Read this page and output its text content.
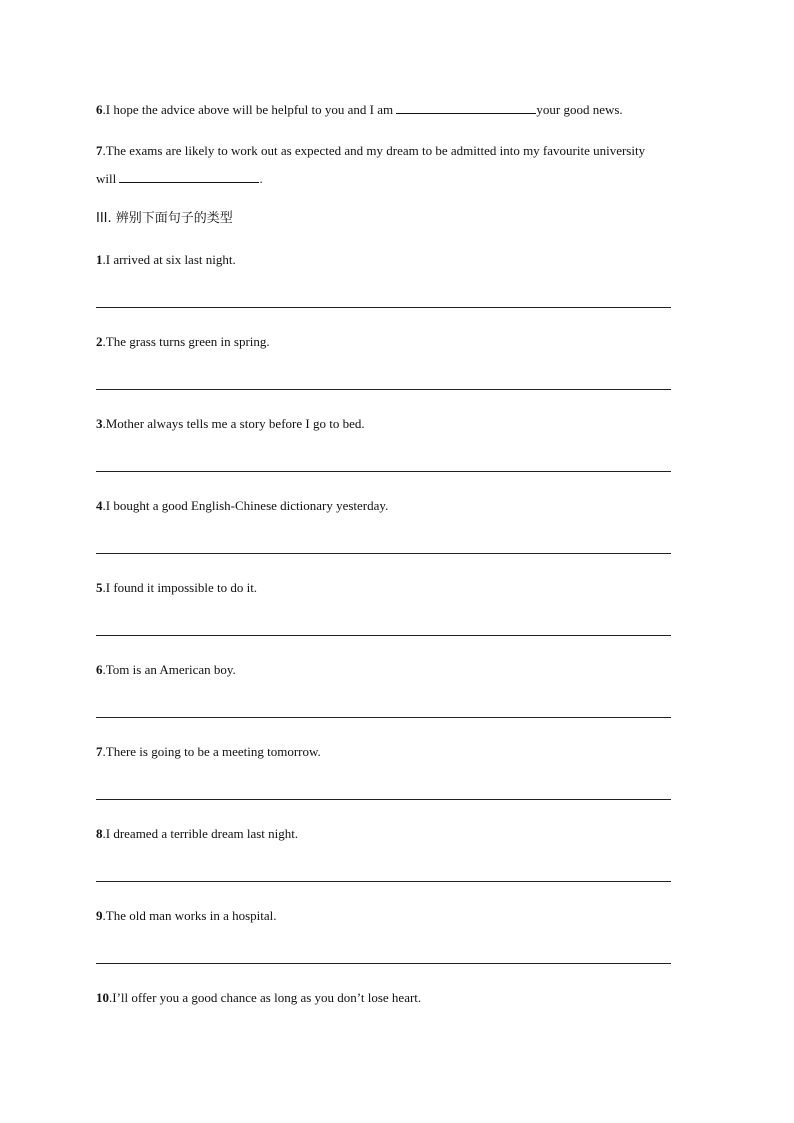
6.I hope the advice above will be helpful to you and I am	your good news.
7.The exams are likely to work out as expected and my dream to be admitted into my favourite university
will	.
III. 辨别下面句子的类型
1.I arrived at six last night.
2.The grass turns green in spring.
3.Mother always tells me a story before I go to bed.
4.I bought a good English-Chinese dictionary yesterday.
5.I found it impossible to do it.
6.Tom is an American boy.
7.There is going to be a meeting tomorrow.
8.I dreamed a terrible dream last night.
9.The old man works in a hospital.
10.I’ll offer you a good chance as long as you don’t lose heart.
